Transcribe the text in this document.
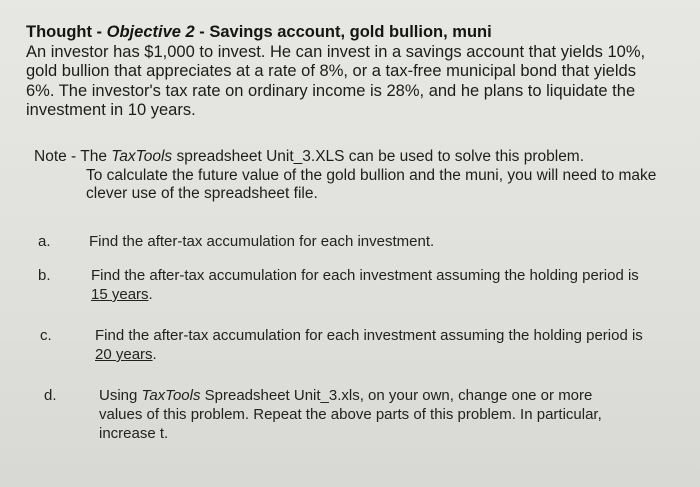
Thought - Objective 2 - Savings account, gold bullion, muni
An investor has $1,000 to invest. He can invest in a savings account that yields 10%, gold bullion that appreciates at a rate of 8%, or a tax-free municipal bond that yields 6%. The investor's tax rate on ordinary income is 28%, and he plans to liquidate the investment in 10 years.
Note - The TaxTools spreadsheet Unit_3.XLS can be used to solve this problem.
To calculate the future value of the gold bullion and the muni, you will need to make clever use of the spreadsheet file.
a.	Find the after-tax accumulation for each investment.
b.	Find the after-tax accumulation for each investment assuming the holding period is 15 years.
c.	Find the after-tax accumulation for each investment assuming the holding period is 20 years.
d.	Using TaxTools Spreadsheet Unit_3.xls, on your own, change one or more values of this problem. Repeat the above parts of this problem. In particular, increase t.
